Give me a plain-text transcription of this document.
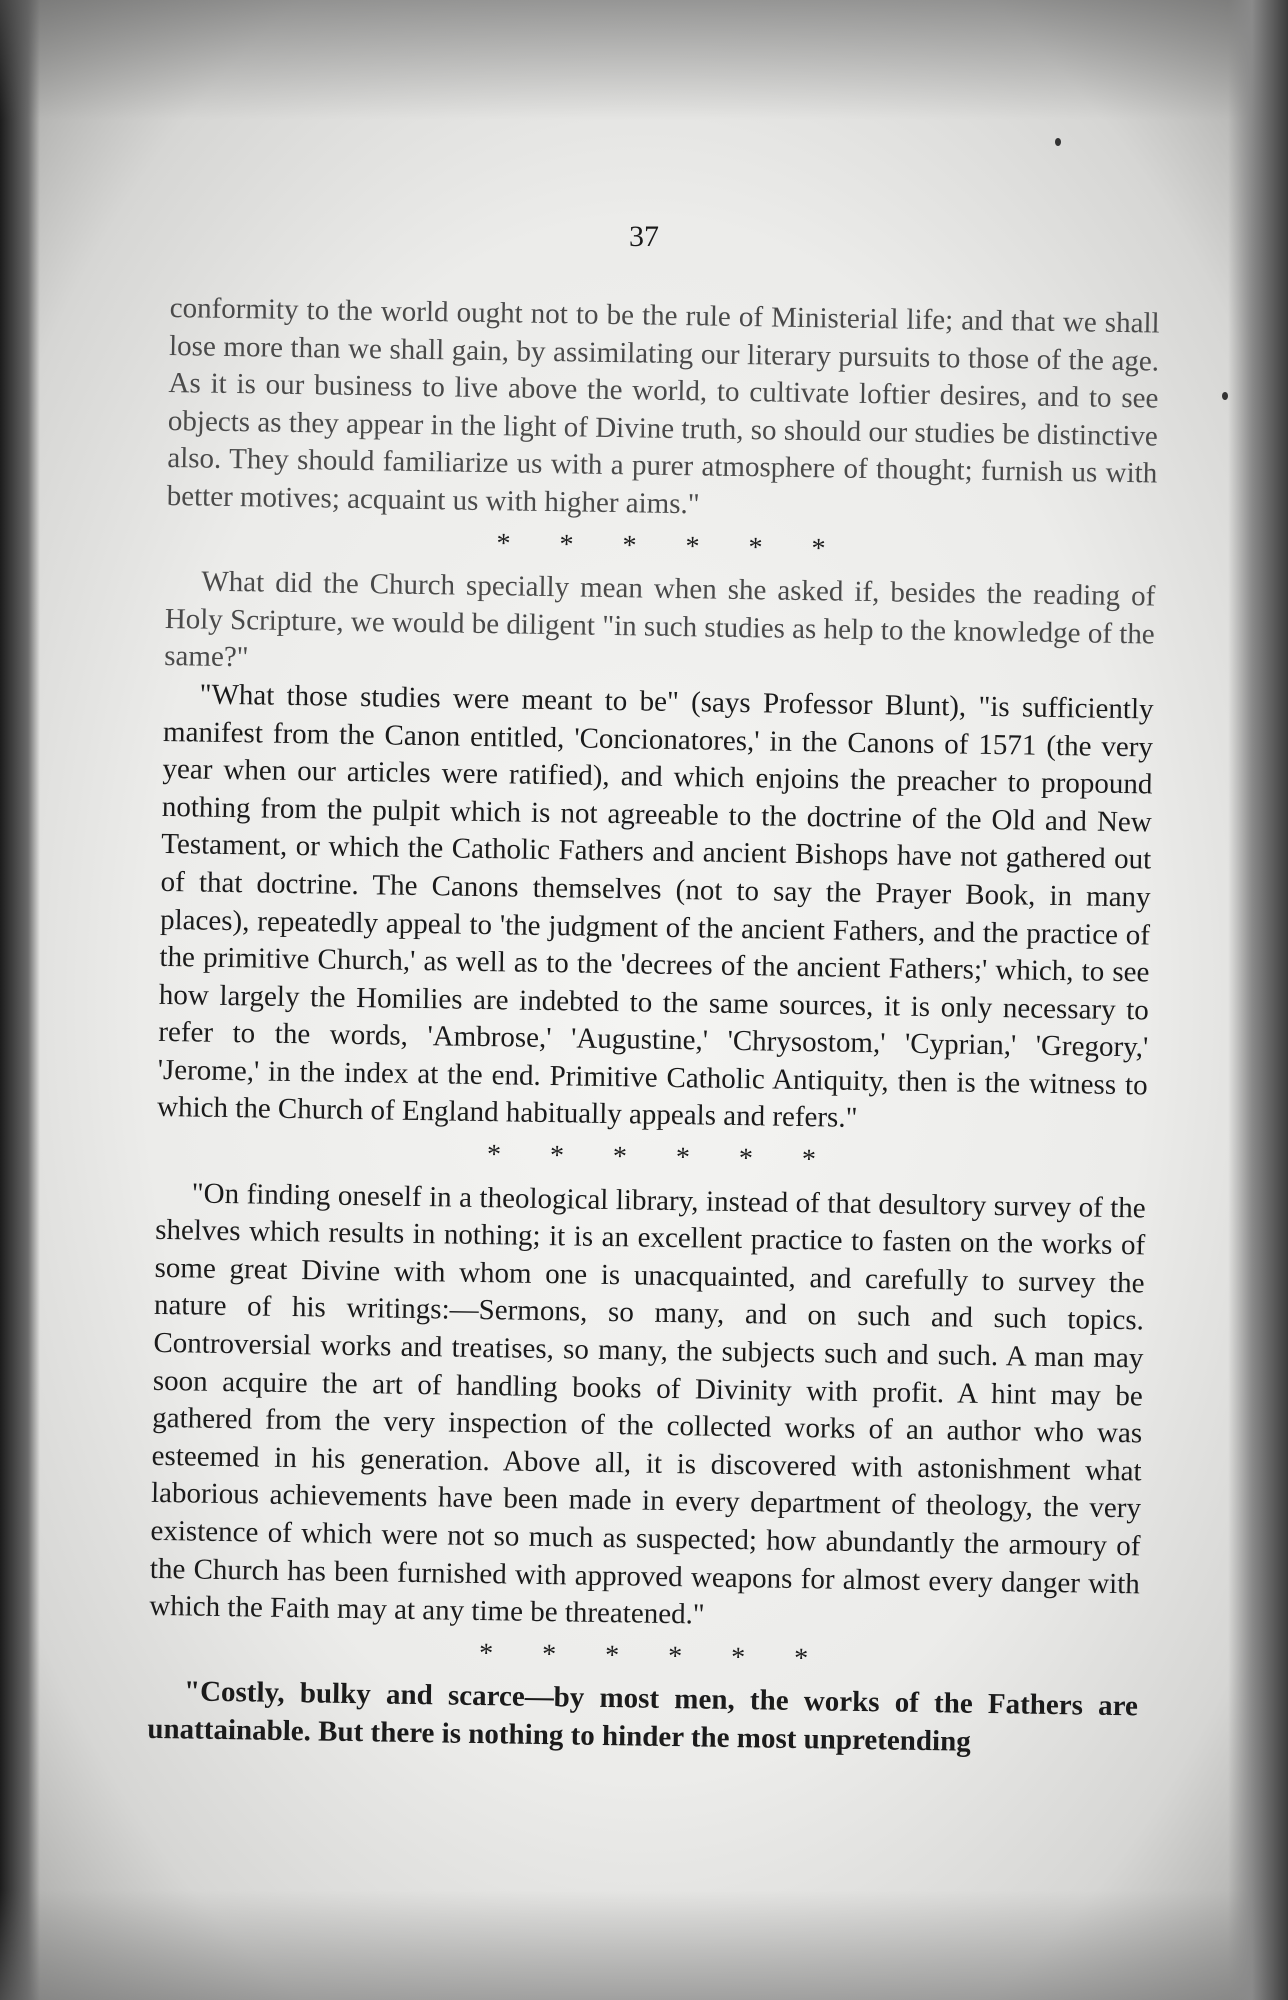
37

conformity to the world ought not to be the rule of Ministerial life; and that we shall lose more than we shall gain, by assimilating our literary pursuits to those of the age. As it is our business to live above the world, to cultivate loftier desires, and to see objects as they appear in the light of Divine truth, so should our studies be distinctive also. They should familiarize us with a purer atmosphere of thought; furnish us with better motives; acquaint us with higher aims."

* * * * * *

What did the Church specially mean when she asked if, besides the reading of Holy Scripture, we would be diligent "in such studies as help to the knowledge of the same?"

"What those studies were meant to be" (says Professor Blunt), "is sufficiently manifest from the Canon entitled, 'Concionatores,' in the Canons of 1571 (the very year when our articles were ratified), and which enjoins the preacher to propound nothing from the pulpit which is not agreeable to the doctrine of the Old and New Testament, or which the Catholic Fathers and ancient Bishops have not gathered out of that doctrine. The Canons themselves (not to say the Prayer Book, in many places), repeatedly appeal to 'the judgment of the ancient Fathers, and the practice of the primitive Church,' as well as to the 'decrees of the ancient Fathers;' which, to see how largely the Homilies are indebted to the same sources, it is only necessary to refer to the words, 'Ambrose,' 'Augustine,' 'Chrysostom,' 'Cyprian,' 'Gregory,' 'Jerome,' in the index at the end. Primitive Catholic Antiquity, then is the witness to which the Church of England habitually appeals and refers."

* * * * * *

"On finding oneself in a theological library, instead of that desultory survey of the shelves which results in nothing; it is an excellent practice to fasten on the works of some great Divine with whom one is unacquainted, and carefully to survey the nature of his writings:—Sermons, so many, and on such and such topics. Controversial works and treatises, so many, the subjects such and such. A man may soon acquire the art of handling books of Divinity with profit. A hint may be gathered from the very inspection of the collected works of an author who was esteemed in his generation. Above all, it is discovered with astonishment what laborious achievements have been made in every department of theology, the very existence of which were not so much as suspected; how abundantly the armoury of the Church has been furnished with approved weapons for almost every danger with which the Faith may at any time be threatened."

* * * * * *

"Costly, bulky and scarce—by most men, the works of the Fathers are unattainable. But there is nothing to hinder the most unpretending
